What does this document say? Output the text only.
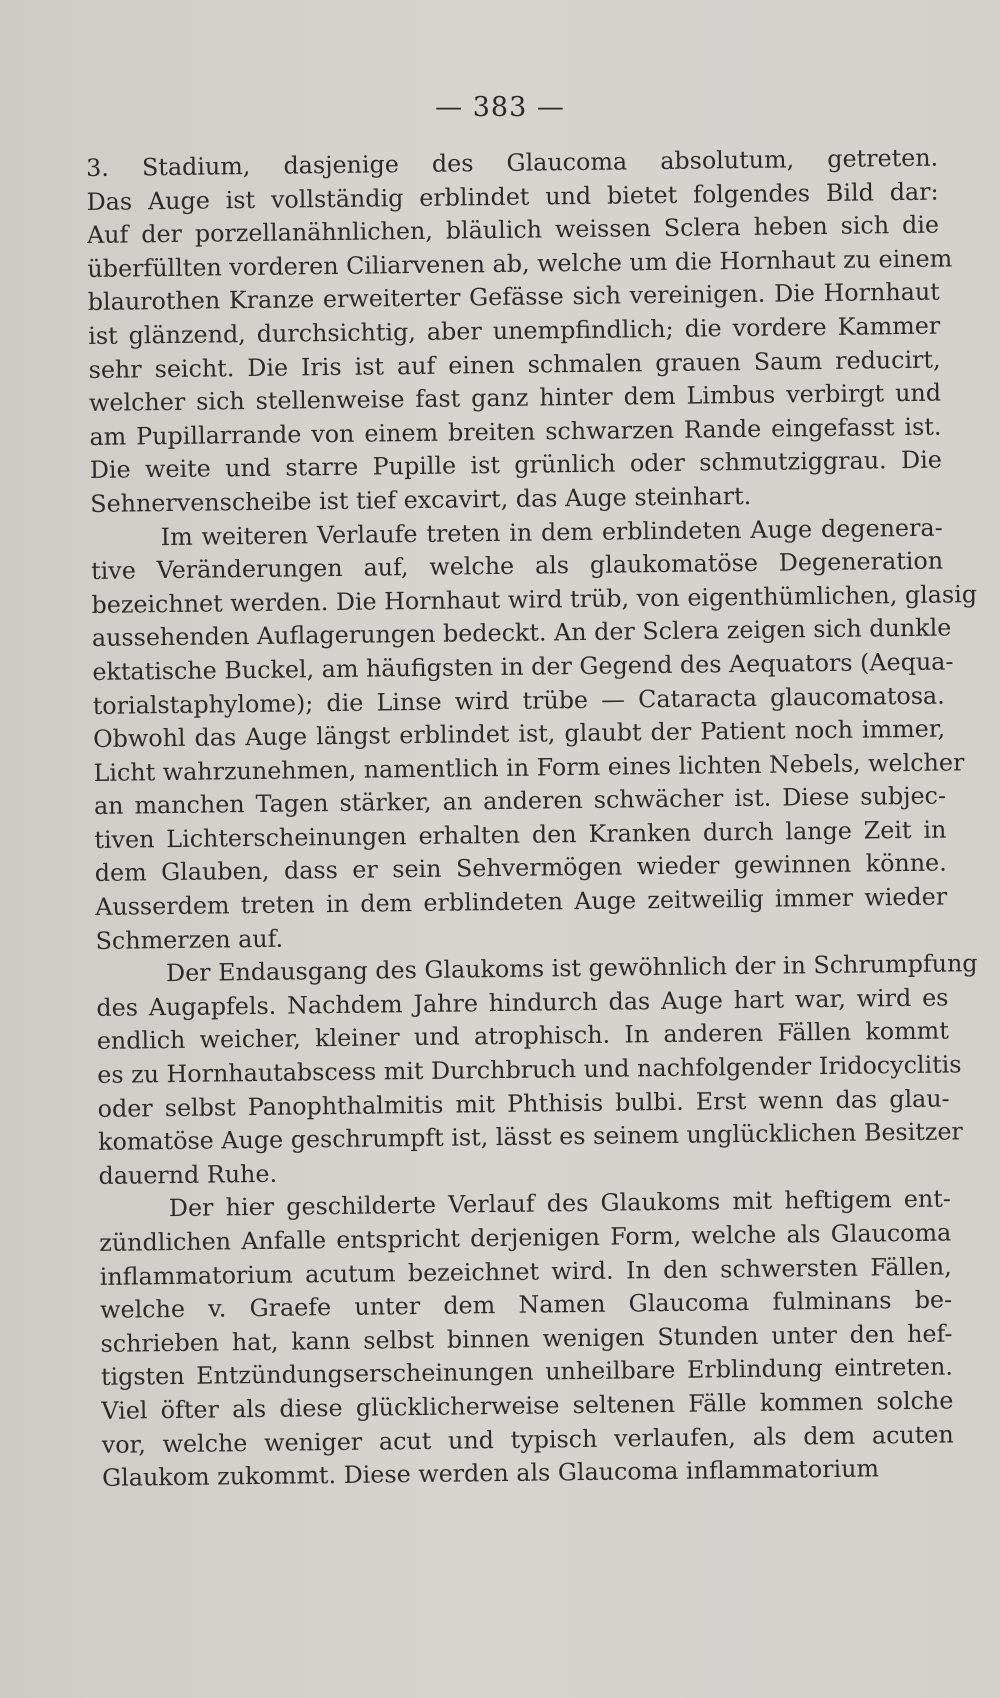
— 383 —
3. Stadium, dasjenige des Glaucoma absolutum, getreten.
Das Auge ist vollständig erblindet und bietet folgendes Bild dar:
Auf der porzellanähnlichen, bläulich weissen Sclera heben sich die
überfüllten vorderen Ciliarvenen ab, welche um die Hornhaut zu einem
blaurothen Kranze erweiterter Gefässe sich vereinigen. Die Hornhaut
ist glänzend, durchsichtig, aber unempfindlich; die vordere Kammer
sehr seicht. Die Iris ist auf einen schmalen grauen Saum reducirt,
welcher sich stellenweise fast ganz hinter dem Limbus verbirgt und
am Pupillarrande von einem breiten schwarzen Rande eingefasst ist.
Die weite und starre Pupille ist grünlich oder schmutziggrau. Die
Sehnervenscheibe ist tief excavirt, das Auge steinhart.
Im weiteren Verlaufe treten in dem erblindeten Auge degenera-
tive Veränderungen auf, welche als glaukomatöse Degeneration
bezeichnet werden. Die Hornhaut wird trüb, von eigenthümlichen, glasig
aussehenden Auflagerungen bedeckt. An der Sclera zeigen sich dunkle
ektatische Buckel, am häufigsten in der Gegend des Aequators (Aequa-
torialstaphylome); die Linse wird trübe — Cataracta glaucomatosa.
Obwohl das Auge längst erblindet ist, glaubt der Patient noch immer,
Licht wahrzunehmen, namentlich in Form eines lichten Nebels, welcher
an manchen Tagen stärker, an anderen schwächer ist. Diese subjec-
tiven Lichterscheinungen erhalten den Kranken durch lange Zeit in
dem Glauben, dass er sein Sehvermögen wieder gewinnen könne.
Ausserdem treten in dem erblindeten Auge zeitweilig immer wieder
Schmerzen auf.
Der Endausgang des Glaukoms ist gewöhnlich der in Schrumpfung
des Augapfels. Nachdem Jahre hindurch das Auge hart war, wird es
endlich weicher, kleiner und atrophisch. In anderen Fällen kommt
es zu Hornhautabscess mit Durchbruch und nachfolgender Iridocyclitis
oder selbst Panophthalmitis mit Phthisis bulbi. Erst wenn das glau-
komatöse Auge geschrumpft ist, lässt es seinem unglücklichen Besitzer
dauernd Ruhe.
Der hier geschilderte Verlauf des Glaukoms mit heftigem ent-
zündlichen Anfalle entspricht derjenigen Form, welche als Glaucoma
inflammatorium acutum bezeichnet wird. In den schwersten Fällen,
welche v. Graefe unter dem Namen Glaucoma fulminans be-
schrieben hat, kann selbst binnen wenigen Stunden unter den hef-
tigsten Entzündungserscheinungen unheilbare Erblindung eintreten.
Viel öfter als diese glücklicherweise seltenen Fälle kommen solche
vor, welche weniger acut und typisch verlaufen, als dem acuten
Glaukom zukommt. Diese werden als Glaucoma inflammatorium
